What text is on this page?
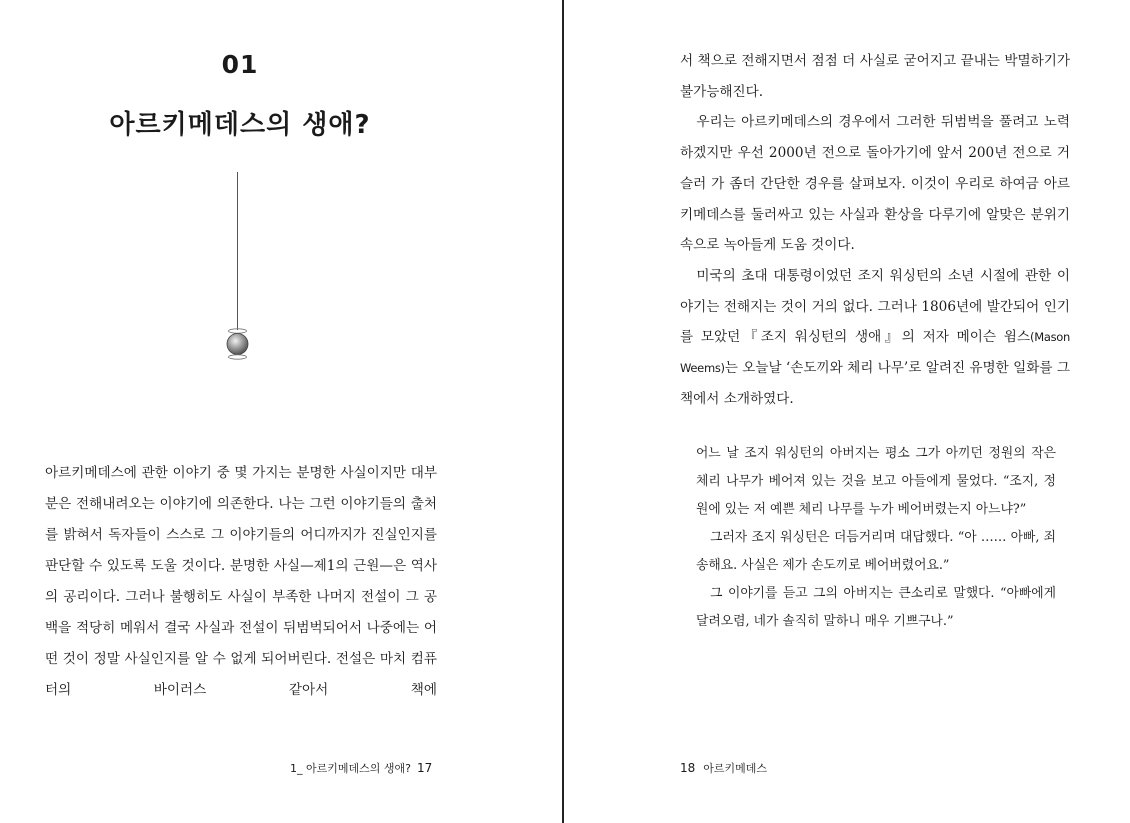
01
아르키메데스의 생애?
아르키메데스에 관한 이야기 중 몇 가지는 분명한 사실이지만 대부분은 전해내려오는 이야기에 의존한다. 나는 그런 이야기들의 출처를 밝혀서 독자들이 스스로 그 이야기들의 어디까지가 진실인지를 판단할 수 있도록 도울 것이다. 분명한 사실—제1의 근원—은 역사의 공리이다. 그러나 불행히도 사실이 부족한 나머지 전설이 그 공백을 적당히 메워서 결국 사실과 전설이 뒤범벅되어서 나중에는 어떤 것이 정말 사실인지를 알 수 없게 되어버린다. 전설은 마치 컴퓨터의 바이러스 같아서 책에
1_ 아르키메데스의 생애? 17

서 책으로 전해지면서 점점 더 사실로 굳어지고 끝내는 박멸하기가 불가능해진다.

우리는 아르키메데스의 경우에서 그러한 뒤범벅을 풀려고 노력하겠지만 우선 2000년 전으로 돌아가기에 앞서 200년 전으로 거슬러 가 좀더 간단한 경우를 살펴보자. 이것이 우리로 하여금 아르키메데스를 둘러싸고 있는 사실과 환상을 다루기에 알맞은 분위기 속으로 녹아들게 도움 것이다.

미국의 초대 대통령이었던 조지 워싱턴의 소년 시절에 관한 이야기는 전해지는 것이 거의 없다. 그러나 1806년에 발간되어 인기를 모았던『조지 워싱턴의 생애』의 저자 메이슨 윔스(Mason Weems)는 오늘날 ‘손도끼와 체리 나무’로 알려진 유명한 일화를 그 책에서 소개하였다.

어느 날 조지 워싱턴의 아버지는 평소 그가 아끼던 정원의 작은 체리 나무가 베어져 있는 것을 보고 아들에게 물었다. “조지, 정원에 있는 저 예쁜 체리 나무를 누가 베어버렸는지 아느냐?”

그러자 조지 워싱턴은 더듬거리며 대답했다. “아 …… 아빠, 죄송해요. 사실은 제가 손도끼로 베어버렸어요.”

그 이야기를 듣고 그의 아버지는 큰소리로 말했다. “아빠에게 달려오렴, 네가 솔직히 말하니 매우 기쁘구나.”

18 아르키메데스
